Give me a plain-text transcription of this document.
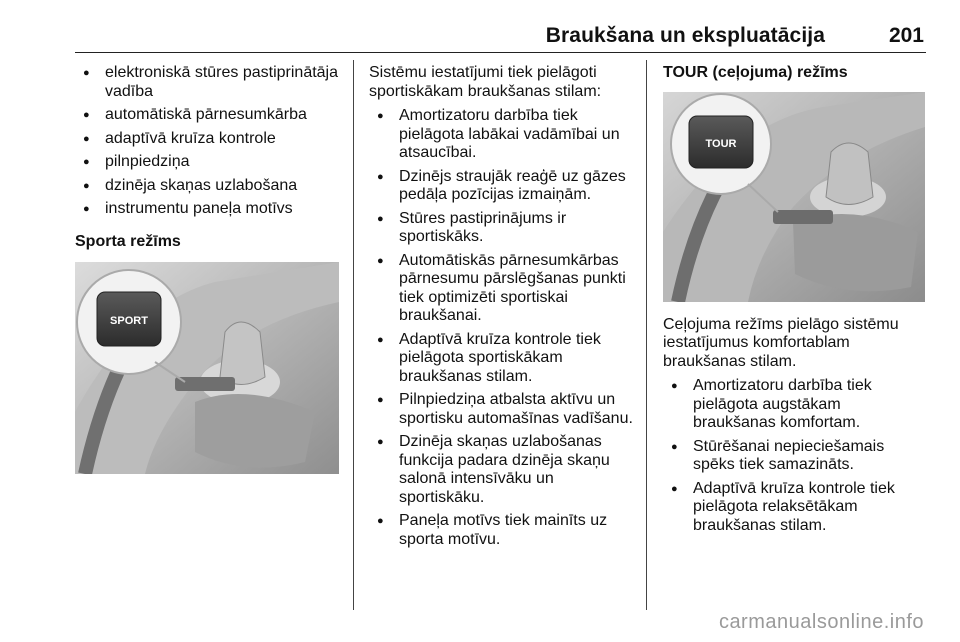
Braukšana un ekspluatācija	201
● elektroniskā stūres pastiprinātāja vadība
● automātiskā pārnesumkārba
● adaptīvā kruīza kontrole
● pilnpiedziņa
● dzinēja skaņas uzlabošana
● instrumentu paneļa motīvs

Sporta režīms

SPORT

Sistēmu iestatījumi tiek pielāgoti sportiskākam braukšanas stilam:

● Amortizatoru darbība tiek pielāgota labākai vadāmībai un atsaucībai.
● Dzinējs straujāk reaģē uz gāzes pedāļa pozīcijas izmaiņām.
● Stūres pastiprinājums ir sportiskāks.
● Automātiskās pārnesumkārbas pārnesumu pārslēgšanas punkti tiek optimizēti sportiskai braukšanai.
● Adaptīvā kruīza kontrole tiek pielāgota sportiskākam braukšanas stilam.
● Pilnpiedziņa atbalsta aktīvu un sportisku automašīnas vadīšanu.
● Dzinēja skaņas uzlabošanas funkcija padara dzinēja skaņu salonā intensīvāku un sportiskāku.
● Paneļa motīvs tiek mainīts uz sporta motīvu.

TOUR (ceļojuma) režīms

TOUR

Ceļojuma režīms pielāgo sistēmu iestatījumus komfortablam braukšanas stilam.

● Amortizatoru darbība tiek pielāgota augstākam braukšanas komfortam.
● Stūrēšanai nepieciešamais spēks tiek samazināts.
● Adaptīvā kruīza kontrole tiek pielāgota relaksētākam braukšanas stilam.
carmanualsonline.info
